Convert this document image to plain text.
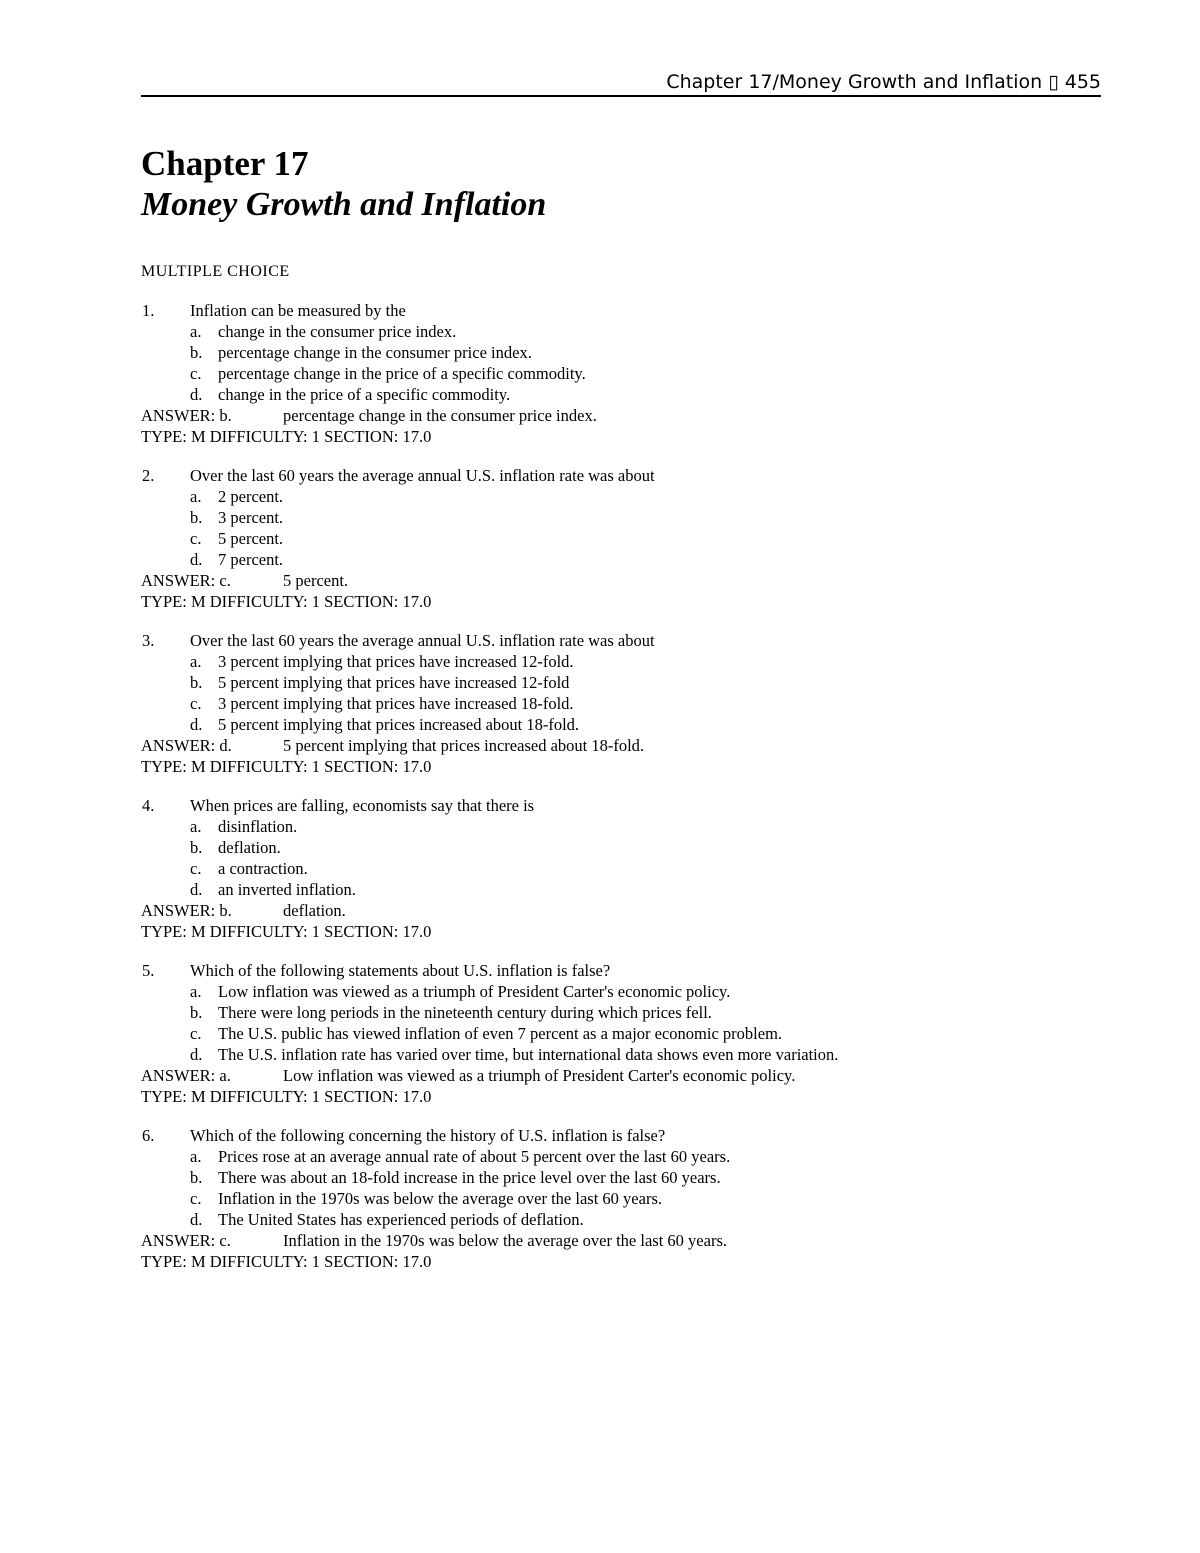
Chapter 17/Money Growth and Inflation ▯ 455
Chapter 17
Money Growth and Inflation
MULTIPLE CHOICE
1. Inflation can be measured by the
a. change in the consumer price index.
b. percentage change in the consumer price index.
c. percentage change in the price of a specific commodity.
d. change in the price of a specific commodity.
ANSWER: b.	percentage change in the consumer price index.
TYPE: M DIFFICULTY: 1 SECTION: 17.0
2. Over the last 60 years the average annual U.S. inflation rate was about
a. 2 percent.
b. 3 percent.
c. 5 percent.
d. 7 percent.
ANSWER: c.	5 percent.
TYPE: M DIFFICULTY: 1 SECTION: 17.0
3. Over the last 60 years the average annual U.S. inflation rate was about
a. 3 percent implying that prices have increased 12-fold.
b. 5 percent implying that prices have increased 12-fold
c. 3 percent implying that prices have increased 18-fold.
d. 5 percent implying that prices increased about 18-fold.
ANSWER: d.	5 percent implying that prices increased about 18-fold.
TYPE: M DIFFICULTY: 1 SECTION: 17.0
4. When prices are falling, economists say that there is
a. disinflation.
b. deflation.
c. a contraction.
d. an inverted inflation.
ANSWER: b.	deflation.
TYPE: M DIFFICULTY: 1 SECTION: 17.0
5. Which of the following statements about U.S. inflation is false?
a. Low inflation was viewed as a triumph of President Carter's economic policy.
b. There were long periods in the nineteenth century during which prices fell.
c. The U.S. public has viewed inflation of even 7 percent as a major economic problem.
d. The U.S. inflation rate has varied over time, but international data shows even more variation.
ANSWER: a.	Low inflation was viewed as a triumph of President Carter's economic policy.
TYPE: M DIFFICULTY: 1 SECTION: 17.0
6. Which of the following concerning the history of U.S. inflation is false?
a. Prices rose at an average annual rate of about 5 percent over the last 60 years.
b. There was about an 18-fold increase in the price level over the last 60 years.
c. Inflation in the 1970s was below the average over the last 60 years.
d. The United States has experienced periods of deflation.
ANSWER: c.	Inflation in the 1970s was below the average over the last 60 years.
TYPE: M DIFFICULTY: 1 SECTION: 17.0
